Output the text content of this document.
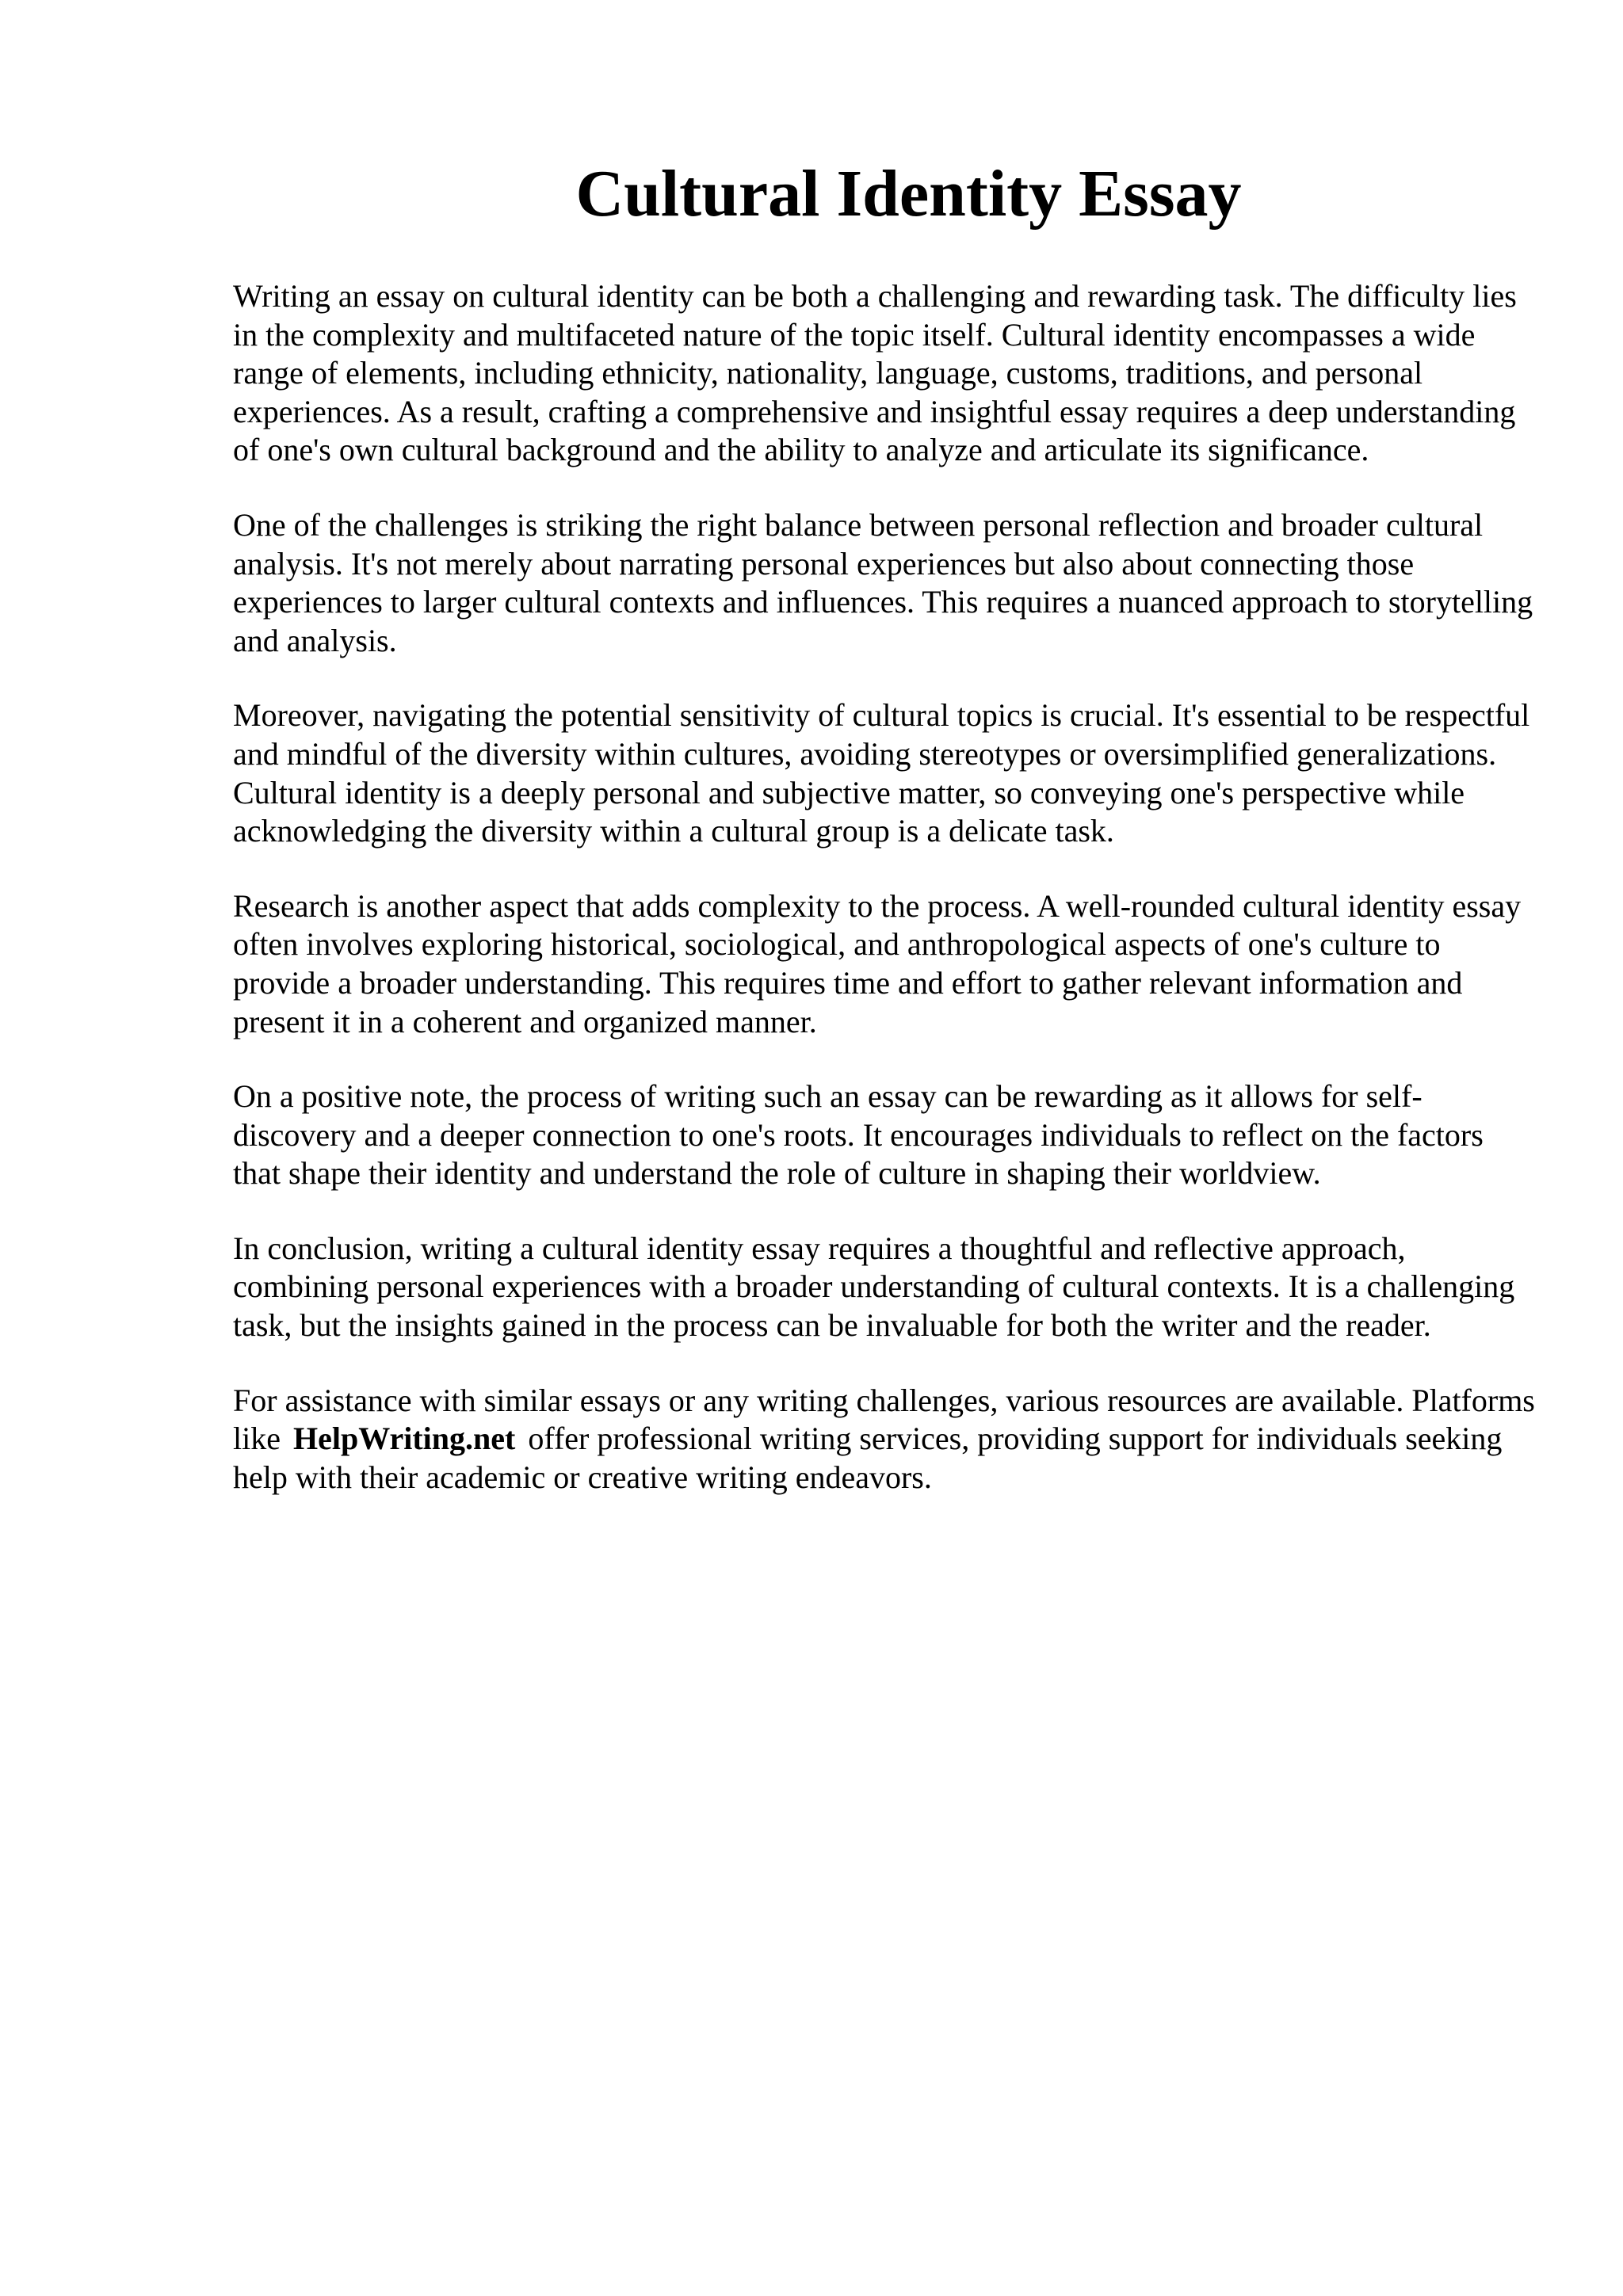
Cultural Identity Essay

Writing an essay on cultural identity can be both a challenging and rewarding task. The difficulty lies in the complexity and multifaceted nature of the topic itself. Cultural identity encompasses a wide range of elements, including ethnicity, nationality, language, customs, traditions, and personal experiences. As a result, crafting a comprehensive and insightful essay requires a deep understanding of one's own cultural background and the ability to analyze and articulate its significance.

One of the challenges is striking the right balance between personal reflection and broader cultural analysis. It's not merely about narrating personal experiences but also about connecting those experiences to larger cultural contexts and influences. This requires a nuanced approach to storytelling and analysis.

Moreover, navigating the potential sensitivity of cultural topics is crucial. It's essential to be respectful and mindful of the diversity within cultures, avoiding stereotypes or oversimplified generalizations. Cultural identity is a deeply personal and subjective matter, so conveying one's perspective while acknowledging the diversity within a cultural group is a delicate task.

Research is another aspect that adds complexity to the process. A well-rounded cultural identity essay often involves exploring historical, sociological, and anthropological aspects of one's culture to provide a broader understanding. This requires time and effort to gather relevant information and present it in a coherent and organized manner.

On a positive note, the process of writing such an essay can be rewarding as it allows for self-discovery and a deeper connection to one's roots. It encourages individuals to reflect on the factors that shape their identity and understand the role of culture in shaping their worldview.

In conclusion, writing a cultural identity essay requires a thoughtful and reflective approach, combining personal experiences with a broader understanding of cultural contexts. It is a challenging task, but the insights gained in the process can be invaluable for both the writer and the reader.

For assistance with similar essays or any writing challenges, various resources are available. Platforms like HelpWriting.net offer professional writing services, providing support for individuals seeking help with their academic or creative writing endeavors.
